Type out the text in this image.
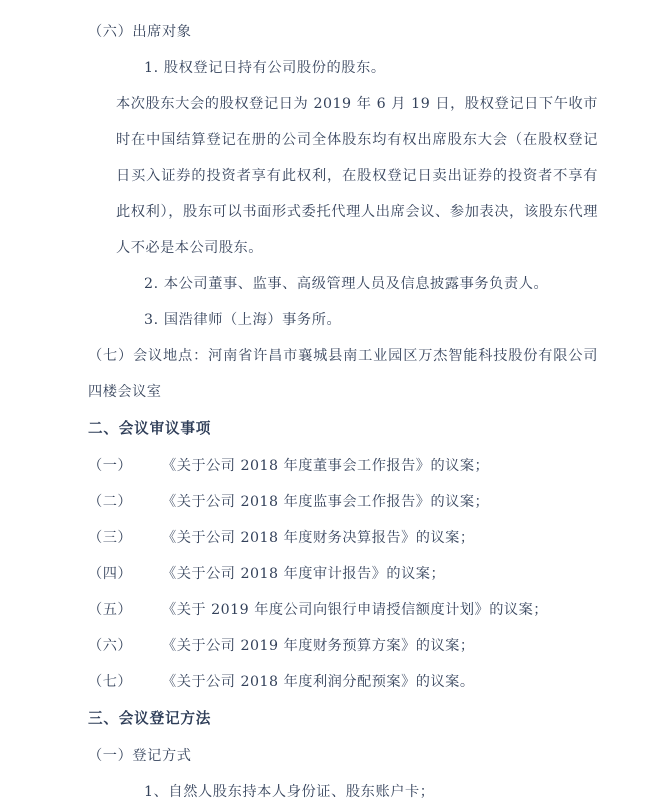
（六）出席对象
1. 股权登记日持有公司股份的股东。
本次股东大会的股权登记日为 2019 年 6 月 19 日，股权登记日下午收市时在中国结算登记在册的公司全体股东均有权出席股东大会（在股权登记日买入证券的投资者享有此权利，在股权登记日卖出证券的投资者不享有此权利），股东可以书面形式委托代理人出席会议、参加表决，该股东代理人不必是本公司股东。
2. 本公司董事、监事、高级管理人员及信息披露事务负责人。
3. 国浩律师（上海）事务所。
（七）会议地点：河南省许昌市襄城县南工业园区万杰智能科技股份有限公司四楼会议室
二、会议审议事项
（一） 《关于公司 2018 年度董事会工作报告》的议案；
（二） 《关于公司 2018 年度监事会工作报告》的议案；
（三） 《关于公司 2018 年度财务决算报告》的议案；
（四） 《关于公司 2018 年度审计报告》的议案；
（五） 《关于 2019 年度公司向银行申请授信额度计划》的议案；
（六） 《关于公司 2019 年度财务预算方案》的议案；
（七） 《关于公司 2018 年度利润分配预案》的议案。
三、会议登记方法
（一）登记方式
1、自然人股东持本人身份证、股东账户卡；
